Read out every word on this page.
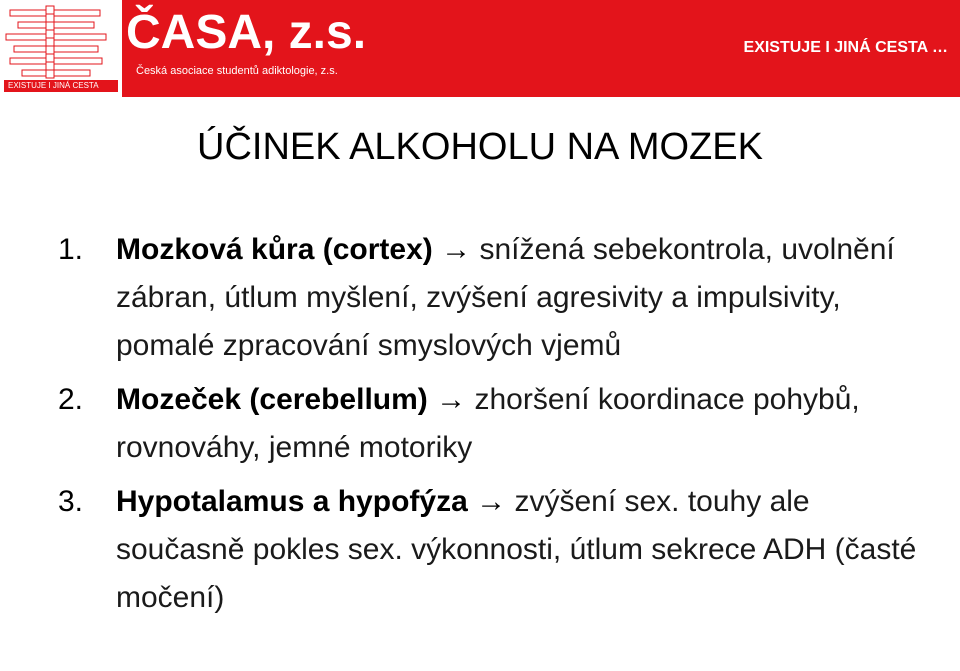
EXISTUJE I JINÁ CESTA
ČASA, z.s.
Česká asociace studentů adiktologie, z.s.
EXISTUJE I JINÁ CESTA …
ÚČINEK ALKOHOLU NA MOZEK
1. Mozková kůra (cortex) → snížená sebekontrola, uvolnění zábran, útlum myšlení, zvýšení agresivity a impulsivity, pomalé zpracování smyslových vjemů
2. Mozeček (cerebellum) → zhoršení koordinace pohybů, rovnováhy, jemné motoriky
3. Hypotalamus a hypofýza → zvýšení sex. touhy ale současně pokles sex. výkonnosti, útlum sekrece ADH (časté močení)
